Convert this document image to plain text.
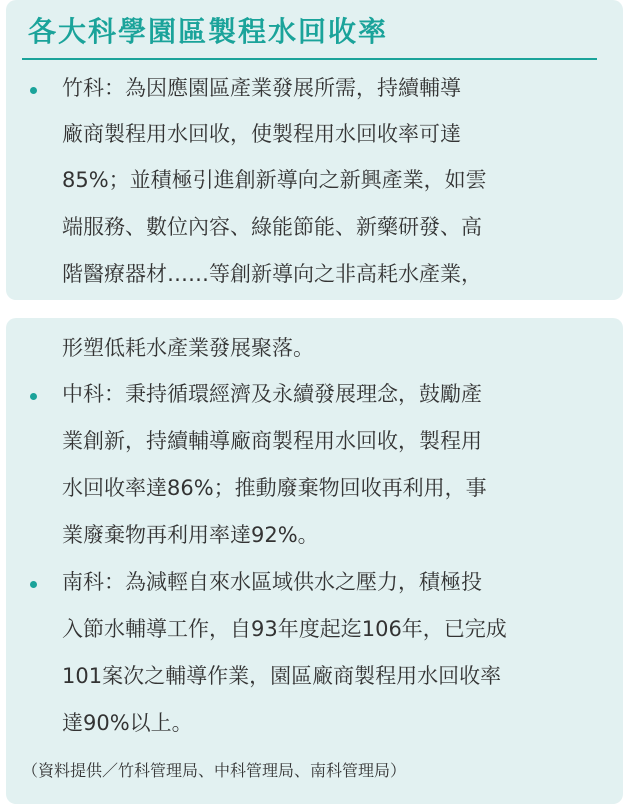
各大科學園區製程水回收率
竹科：為因應園區產業發展所需，持續輔導
廠商製程用水回收，使製程用水回收率可達
85%；並積極引進創新導向之新興產業，如雲
端服務、數位內容、綠能節能、新藥研發、高
階醫療器材……等創新導向之非高耗水產業，
形塑低耗水產業發展聚落。
中科：秉持循環經濟及永續發展理念，鼓勵產
業創新，持續輔導廠商製程用水回收，製程用
水回收率達86%；推動廢棄物回收再利用，事
業廢棄物再利用率達92%。
南科：為減輕自來水區域供水之壓力，積極投
入節水輔導工作，自93年度起迄106年，已完成
101案次之輔導作業，園區廠商製程用水回收率
達90%以上。
（資料提供／竹科管理局、中科管理局、南科管理局）
